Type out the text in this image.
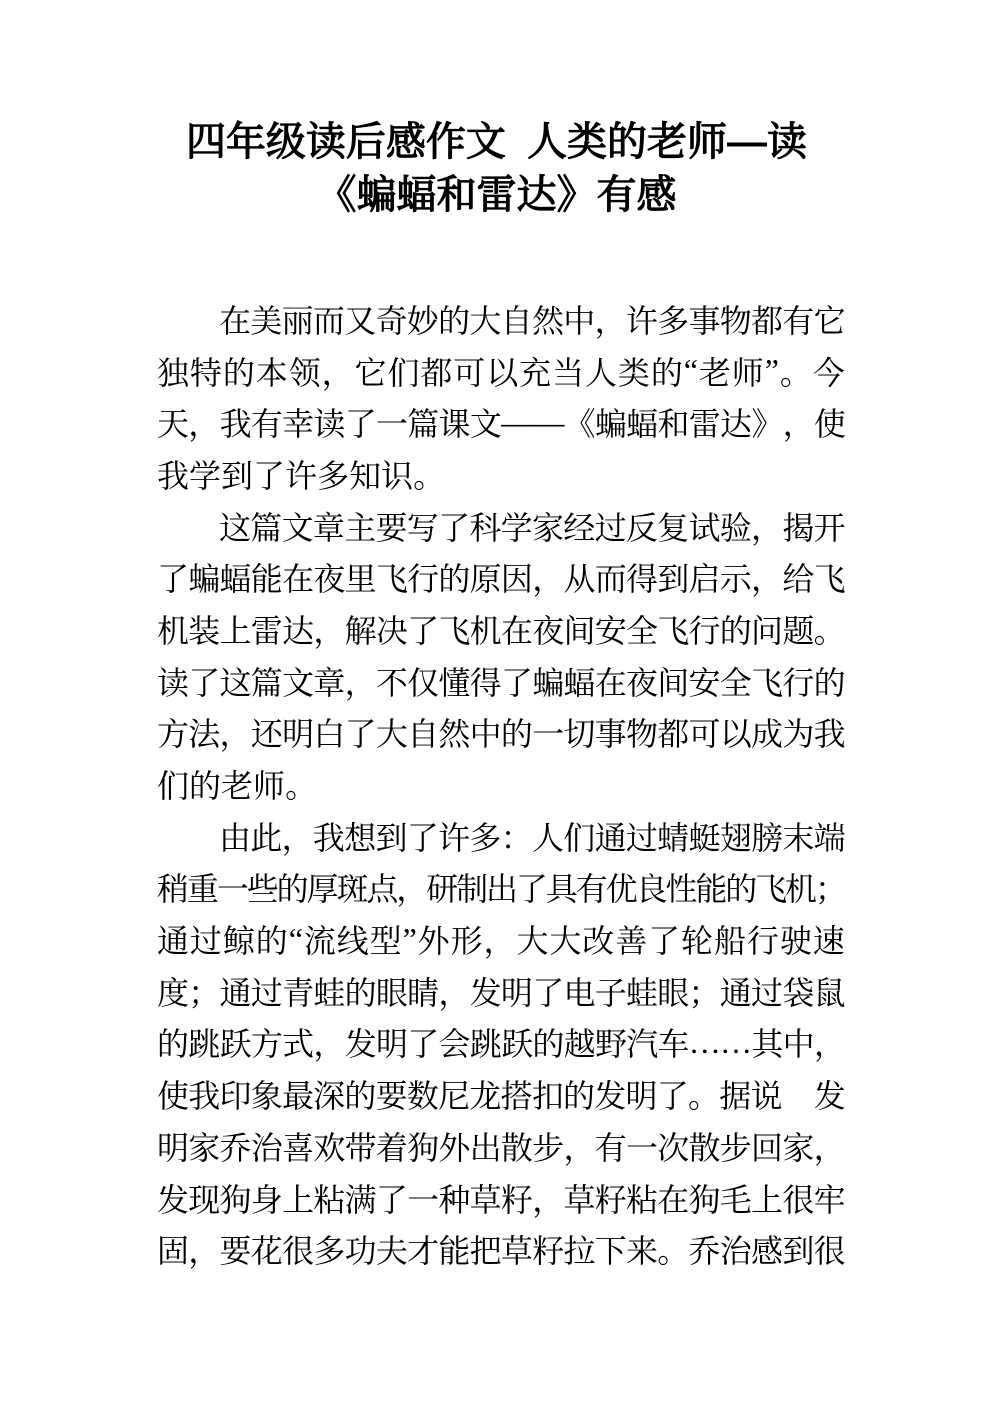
四年级读后感作文 人类的老师—读
《蝙蝠和雷达》有感
在 美 丽 而 又 奇 妙 的 大 自 然 中 ， 许 多 事 物 都 有 它
独 特 的 本 领 ， 它 们 都 可 以 充 当 人 类 的 “ 老 师 ” 。 今
天 ， 我 有 幸 读 了 一 篇 课 文 — — 《 蝙 蝠 和 雷 达 》 ， 使
我 学 到 了 许 多 知 识 。
这 篇 文 章 主 要 写 了 科 学 家 经 过 反 复 试 验 ， 揭 开
了 蝙 蝠 能 在 夜 里 飞 行 的 原 因 ， 从 而 得 到 启 示 ， 给 飞
机 装 上 雷 达 ， 解 决 了 飞 机 在 夜 间 安 全 飞 行 的 问 题 。
读 了 这 篇 文 章 ， 不 仅 懂 得 了 蝙 蝠 在 夜 间 安 全 飞 行 的
方 法 ， 还 明 白 了 大 自 然 中 的 一 切 事 物 都 可 以 成 为 我
们 的 老 师 。
由 此 ， 我 想 到 了 许 多 ： 人 们 通 过 蜻 蜓 翅 膀 末 端
稍
重
一
些
的
厚
斑
点
，
研
制
出
了
具
有
优
良
性
能
的
飞
机
；
通 过 鲸 的 “ 流 线 型 ” 外 形 ， 大 大 改 善 了 轮 船 行 驶 速
度 ； 通 过 青 蛙 的 眼 睛 ， 发 明 了 电 子 蛙 眼 ； 通 过 袋 鼠
的 跳 跃 方 式 ， 发 明 了 会 跳 跃 的 越 野 汽 车 … … 其 中 ，
使 我 印 象 最 深 的 要 数 尼 龙 搭 扣 的 发 明 了 。 据 说 发
明 家 乔 治 喜 欢 带 着 狗 外 出 散 步 ， 有 一 次 散 步 回 家 ，
发 现 狗 身 上 粘 满 了 一 种 草 籽 ， 草 籽 粘 在 狗 毛 上 很 牢
固 ， 要 花 很 多 功 夫 才 能 把 草 籽 拉 下 来 。 乔 治 感 到 很
